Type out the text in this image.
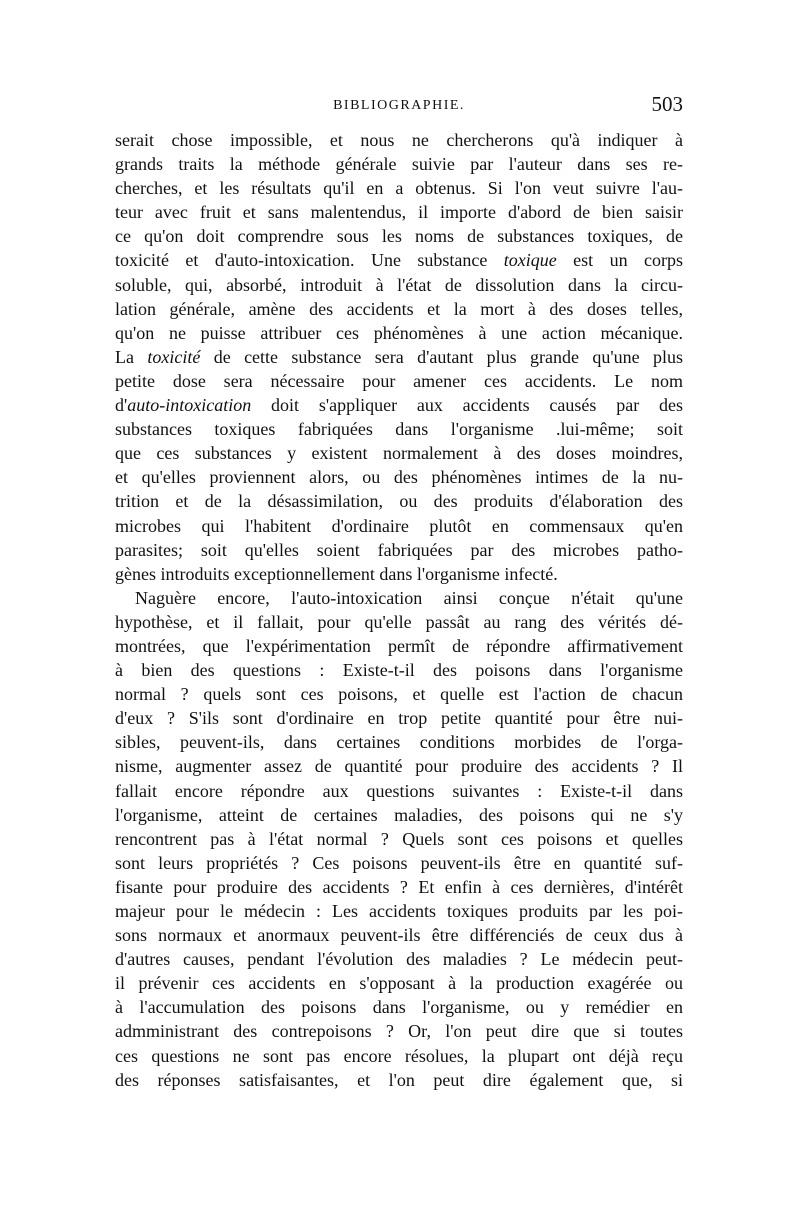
BIBLIOGRAPHIE.	503
serait chose impossible, et nous ne chercherons qu'à indiquer à
grands traits la méthode générale suivie par l'auteur dans ses re-
cherches, et les résultats qu'il en a obtenus. Si l'on veut suivre l'au-
teur avec fruit et sans malentendus, il importe d'abord de bien saisir
ce qu'on doit comprendre sous les noms de substances toxiques, de
toxicité et d'auto-intoxication. Une substance toxique est un corps
soluble, qui, absorbé, introduit à l'état de dissolution dans la circu-
lation générale, amène des accidents et la mort à des doses telles,
qu'on ne puisse attribuer ces phénomènes à une action mécanique.
La toxicité de cette substance sera d'autant plus grande qu'une plus
petite dose sera nécessaire pour amener ces accidents. Le nom
d'auto-intoxication doit s'appliquer aux accidents causés par des
substances toxiques fabriquées dans l'organisme .lui-même; soit
que ces substances y existent normalement à des doses moindres,
et qu'elles proviennent alors, ou des phénomènes intimes de la nu-
trition et de la désassimilation, ou des produits d'élaboration des
microbes qui l'habitent d'ordinaire plutôt en commensaux qu'en
parasites; soit qu'elles soient fabriquées par des microbes patho-
gènes introduits exceptionnellement dans l'organisme infecté.
Naguère encore, l'auto-intoxication ainsi conçue n'était qu'une
hypothèse, et il fallait, pour qu'elle passât au rang des vérités dé-
montrées, que l'expérimentation permît de répondre affirmativement
à bien des questions : Existe-t-il des poisons dans l'organisme
normal ? quels sont ces poisons, et quelle est l'action de chacun
d'eux ? S'ils sont d'ordinaire en trop petite quantité pour être nui-
sibles, peuvent-ils, dans certaines conditions morbides de l'orga-
nisme, augmenter assez de quantité pour produire des accidents ? Il
fallait encore répondre aux questions suivantes : Existe-t-il dans
l'organisme, atteint de certaines maladies, des poisons qui ne s'y
rencontrent pas à l'état normal ? Quels sont ces poisons et quelles
sont leurs propriétés ? Ces poisons peuvent-ils être en quantité suf-
fisante pour produire des accidents ? Et enfin à ces dernières, d'intérêt
majeur pour le médecin : Les accidents toxiques produits par les poi-
sons normaux et anormaux peuvent-ils être différenciés de ceux dus à
d'autres causes, pendant l'évolution des maladies ? Le médecin peut-
il prévenir ces accidents en s'opposant à la production exagérée ou
à l'accumulation des poisons dans l'organisme, ou y remédier en
admministrant des contrepoisons ? Or, l'on peut dire que si toutes
ces questions ne sont pas encore résolues, la plupart ont déjà reçu
des réponses satisfaisantes, et l'on peut dire également que, si
